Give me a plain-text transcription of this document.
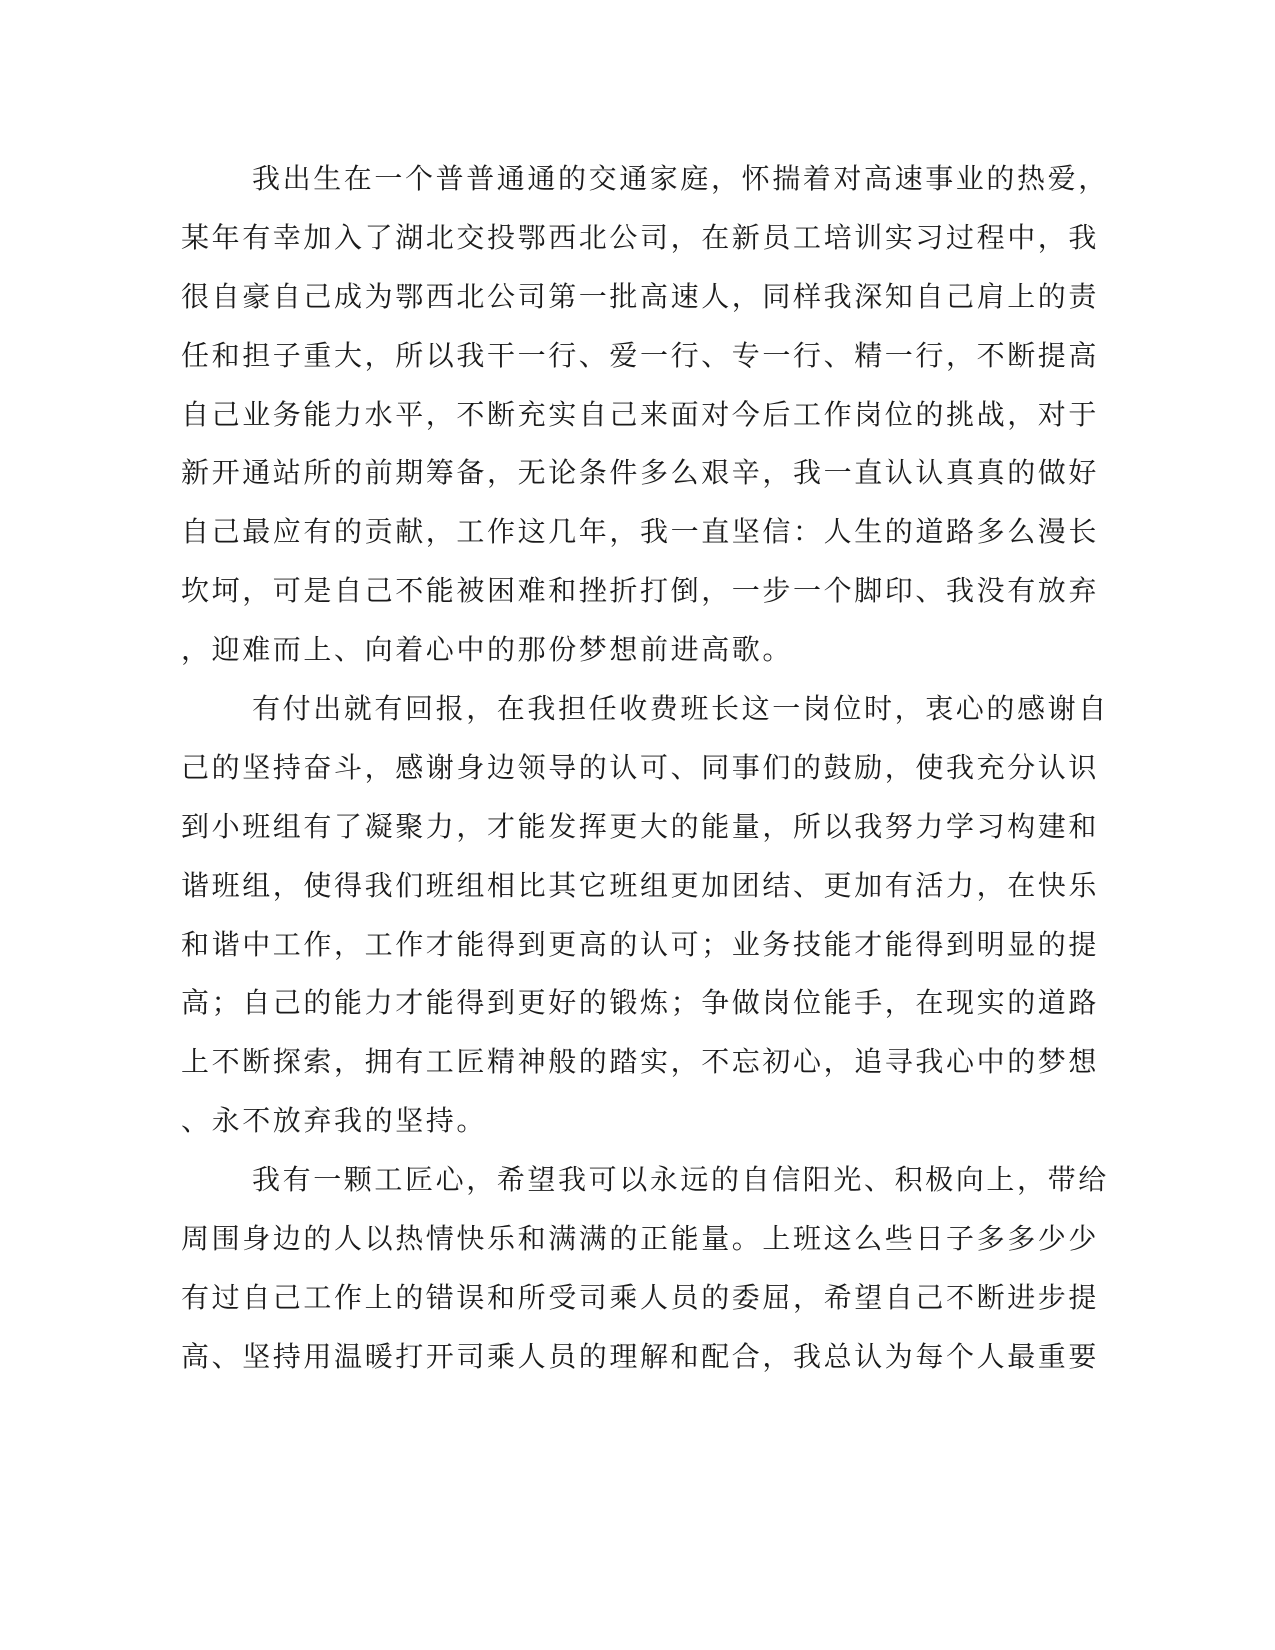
我出生在一个普普通通的交通家庭，怀揣着对高速事业的热爱，
某年有幸加入了湖北交投鄂西北公司，在新员工培训实习过程中，我
很自豪自己成为鄂西北公司第一批高速人，同样我深知自己肩上的责
任和担子重大，所以我干一行、爱一行、专一行、精一行，不断提高
自己业务能力水平，不断充实自己来面对今后工作岗位的挑战，对于
新开通站所的前期筹备，无论条件多么艰辛，我一直认认真真的做好
自己最应有的贡献，工作这几年，我一直坚信：人生的道路多么漫长
坎坷，可是自己不能被困难和挫折打倒，一步一个脚印、我没有放弃
，迎难而上、向着心中的那份梦想前进高歌。
有付出就有回报，在我担任收费班长这一岗位时，衷心的感谢自
己的坚持奋斗，感谢身边领导的认可、同事们的鼓励，使我充分认识
到小班组有了凝聚力，才能发挥更大的能量，所以我努力学习构建和
谐班组，使得我们班组相比其它班组更加团结、更加有活力，在快乐
和谐中工作，工作才能得到更高的认可；业务技能才能得到明显的提
高；自己的能力才能得到更好的锻炼；争做岗位能手，在现实的道路
上不断探索，拥有工匠精神般的踏实，不忘初心，追寻我心中的梦想
、永不放弃我的坚持。
我有一颗工匠心，希望我可以永远的自信阳光、积极向上，带给
周围身边的人以热情快乐和满满的正能量。上班这么些日子多多少少
有过自己工作上的错误和所受司乘人员的委屈，希望自己不断进步提
高、坚持用温暖打开司乘人员的理解和配合，我总认为每个人最重要
